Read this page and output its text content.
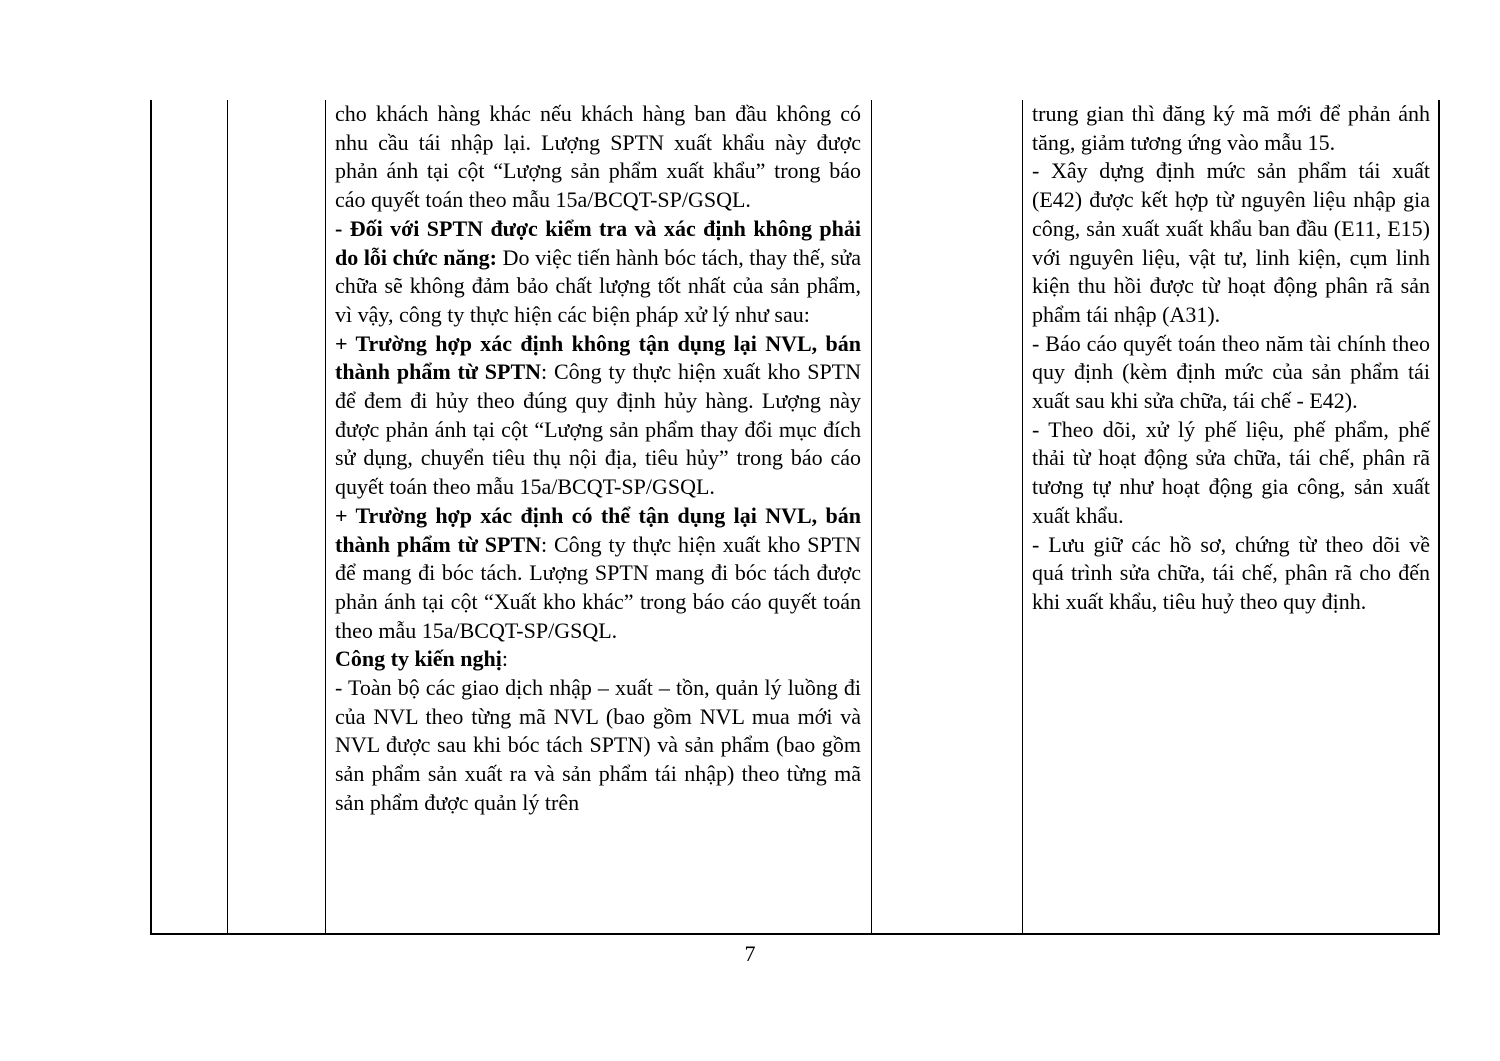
cho khách hàng khác nếu khách hàng ban đầu không có nhu cầu tái nhập lại. Lượng SPTN xuất khẩu này được phản ánh tại cột “Lượng sản phẩm xuất khẩu” trong báo cáo quyết toán theo mẫu 15a/BCQT-SP/GSQL.

- Đối với SPTN được kiểm tra và xác định không phải do lỗi chức năng: Do việc tiến hành bóc tách, thay thế, sửa chữa sẽ không đảm bảo chất lượng tốt nhất của sản phẩm, vì vậy, công ty thực hiện các biện pháp xử lý như sau:

+ Trường hợp xác định không tận dụng lại NVL, bán thành phẩm từ SPTN: Công ty thực hiện xuất kho SPTN để đem đi hủy theo đúng quy định hủy hàng. Lượng này được phản ánh tại cột “Lượng sản phẩm thay đổi mục đích sử dụng, chuyển tiêu thụ nội địa, tiêu hủy” trong báo cáo quyết toán theo mẫu 15a/BCQT-SP/GSQL.

+ Trường hợp xác định có thể tận dụng lại NVL, bán thành phẩm từ SPTN: Công ty thực hiện xuất kho SPTN để mang đi bóc tách. Lượng SPTN mang đi bóc tách được phản ánh tại cột “Xuất kho khác” trong báo cáo quyết toán theo mẫu 15a/BCQT-SP/GSQL.

Công ty kiến nghị:

- Toàn bộ các giao dịch nhập – xuất – tồn, quản lý luồng đi của NVL theo từng mã NVL (bao gồm NVL mua mới và NVL được sau khi bóc tách SPTN) và sản phẩm (bao gồm sản phẩm sản xuất ra và sản phẩm tái nhập) theo từng mã sản phẩm được quản lý trên

trung gian thì đăng ký mã mới để phản ánh tăng, giảm tương ứng vào mẫu 15.

- Xây dựng định mức sản phẩm tái xuất (E42) được kết hợp từ nguyên liệu nhập gia công, sản xuất xuất khẩu ban đầu (E11, E15) với nguyên liệu, vật tư, linh kiện, cụm linh kiện thu hồi được từ hoạt động phân rã sản phẩm tái nhập (A31).

- Báo cáo quyết toán theo năm tài chính theo quy định (kèm định mức của sản phẩm tái xuất sau khi sửa chữa, tái chế - E42).

- Theo dõi, xử lý phế liệu, phế phẩm, phế thải từ hoạt động sửa chữa, tái chế, phân rã tương tự như hoạt động gia công, sản xuất xuất khẩu.

- Lưu giữ các hồ sơ, chứng từ theo dõi về quá trình sửa chữa, tái chế, phân rã cho đến khi xuất khẩu, tiêu huỷ theo quy định.

7
